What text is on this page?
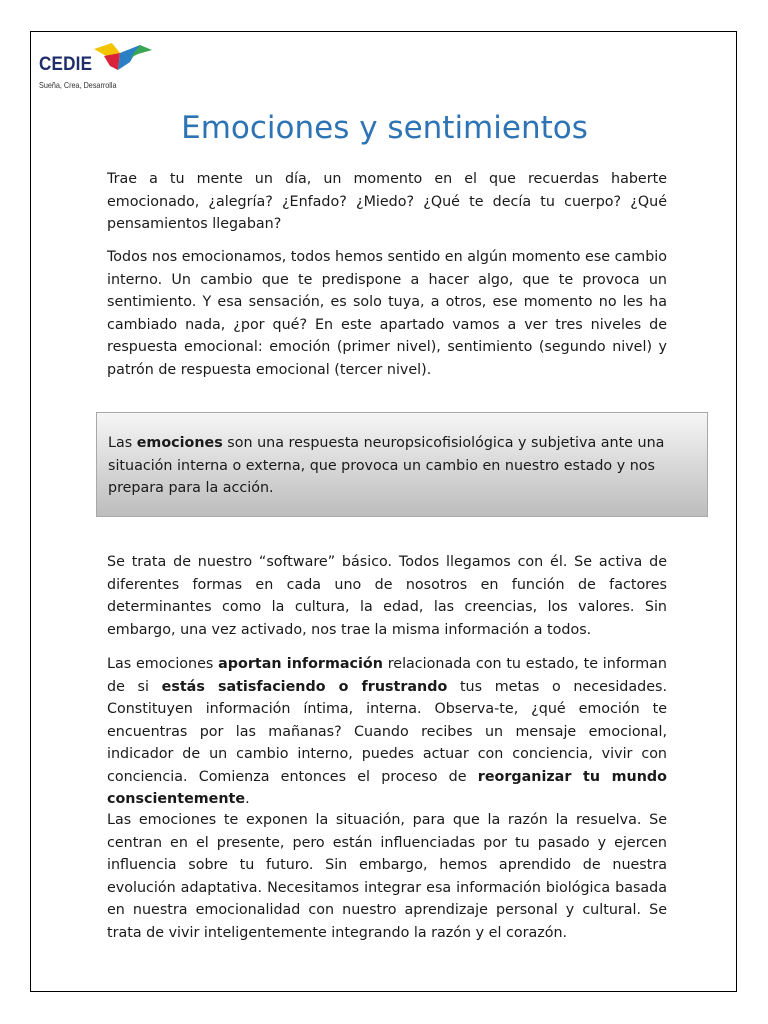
CEDIE
Sueña, Crea, Desarrolla
Emociones y sentimientos

Trae a tu mente un día, un momento en el que recuerdas haberte emocionado, ¿alegría? ¿Enfado? ¿Miedo? ¿Qué te decía tu cuerpo? ¿Qué pensamientos llegaban?

Todos nos emocionamos, todos hemos sentido en algún momento ese cambio interno. Un cambio que te predispone a hacer algo, que te provoca un sentimiento. Y esa sensación, es solo tuya, a otros, ese momento no les ha cambiado nada, ¿por qué? En este apartado vamos a ver tres niveles de respuesta emocional: emoción (primer nivel), sentimiento (segundo nivel) y patrón de respuesta emocional (tercer nivel).

Las emociones son una respuesta neuropsicofisiológica y subjetiva ante una situación interna o externa, que provoca un cambio en nuestro estado y nos prepara para la acción.

Se trata de nuestro “software” básico. Todos llegamos con él. Se activa de diferentes formas en cada uno de nosotros en función de factores determinantes como la cultura, la edad, las creencias, los valores. Sin embargo, una vez activado, nos trae la misma información a todos.

Las emociones aportan información relacionada con tu estado, te informan de si estás satisfaciendo o frustrando tus metas o necesidades. Constituyen información íntima, interna. Observa-te, ¿qué emoción te encuentras por las mañanas? Cuando recibes un mensaje emocional, indicador de un cambio interno, puedes actuar con conciencia, vivir con conciencia. Comienza entonces el proceso de reorganizar tu mundo conscientemente.

Las emociones te exponen la situación, para que la razón la resuelva. Se centran en el presente, pero están influenciadas por tu pasado y ejercen influencia sobre tu futuro. Sin embargo, hemos aprendido de nuestra evolución adaptativa. Necesitamos integrar esa información biológica basada en nuestra emocionalidad con nuestro aprendizaje personal y cultural. Se trata de vivir inteligentemente integrando la razón y el corazón.
